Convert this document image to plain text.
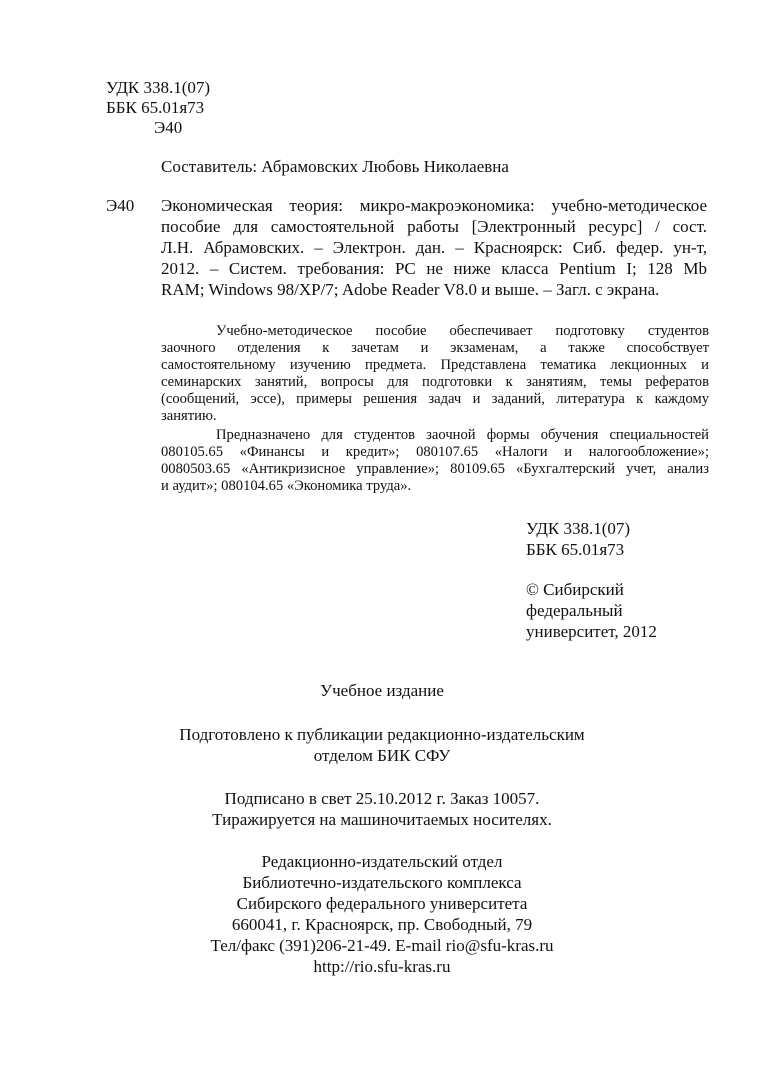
УДК 338.1(07)
ББК 65.01я73
Э40
Составитель: Абрамовских Любовь Николаевна
Э40 Экономическая теория: микро-макроэкономика: учебно-методическое
пособие для самостоятельной работы [Электронный ресурс] / сост.
Л.Н. Абрамовских. – Электрон. дан. – Красноярск: Сиб. федер. ун-т,
2012. – Систем. требования: PC не ниже класса Pentium I; 128 Mb
RAM; Windows 98/XP/7; Adobe Reader V8.0 и выше. – Загл. с экрана.
Учебно-методическое пособие обеспечивает подготовку студентов
заочного отделения к зачетам и экзаменам, а также способствует
самостоятельному изучению предмета. Представлена тематика лекционных и
семинарских занятий, вопросы для подготовки к занятиям, темы рефератов
(сообщений, эссе), примеры решения задач и заданий, литература к каждому
занятию.
Предназначено для студентов заочной формы обучения специальностей
080105.65 «Финансы и кредит»; 080107.65 «Налоги и налогообложение»;
0080503.65 «Антикризисное управление»; 80109.65 «Бухгалтерский учет, анализ
и аудит»; 080104.65 «Экономика труда».
УДК 338.1(07)
ББК 65.01я73
© Сибирский
федеральный
университет, 2012
Учебное издание
Подготовлено к публикации редакционно-издательским
отделом БИК СФУ
Подписано в свет 25.10.2012 г. Заказ 10057.
Тиражируется на машиночитаемых носителях.
Редакционно-издательский отдел
Библиотечно-издательского комплекса
Сибирского федерального университета
660041, г. Красноярск, пр. Свободный, 79
Тел/факс (391)206-21-49. E-mail rio@sfu-kras.ru
http://rio.sfu-kras.ru
